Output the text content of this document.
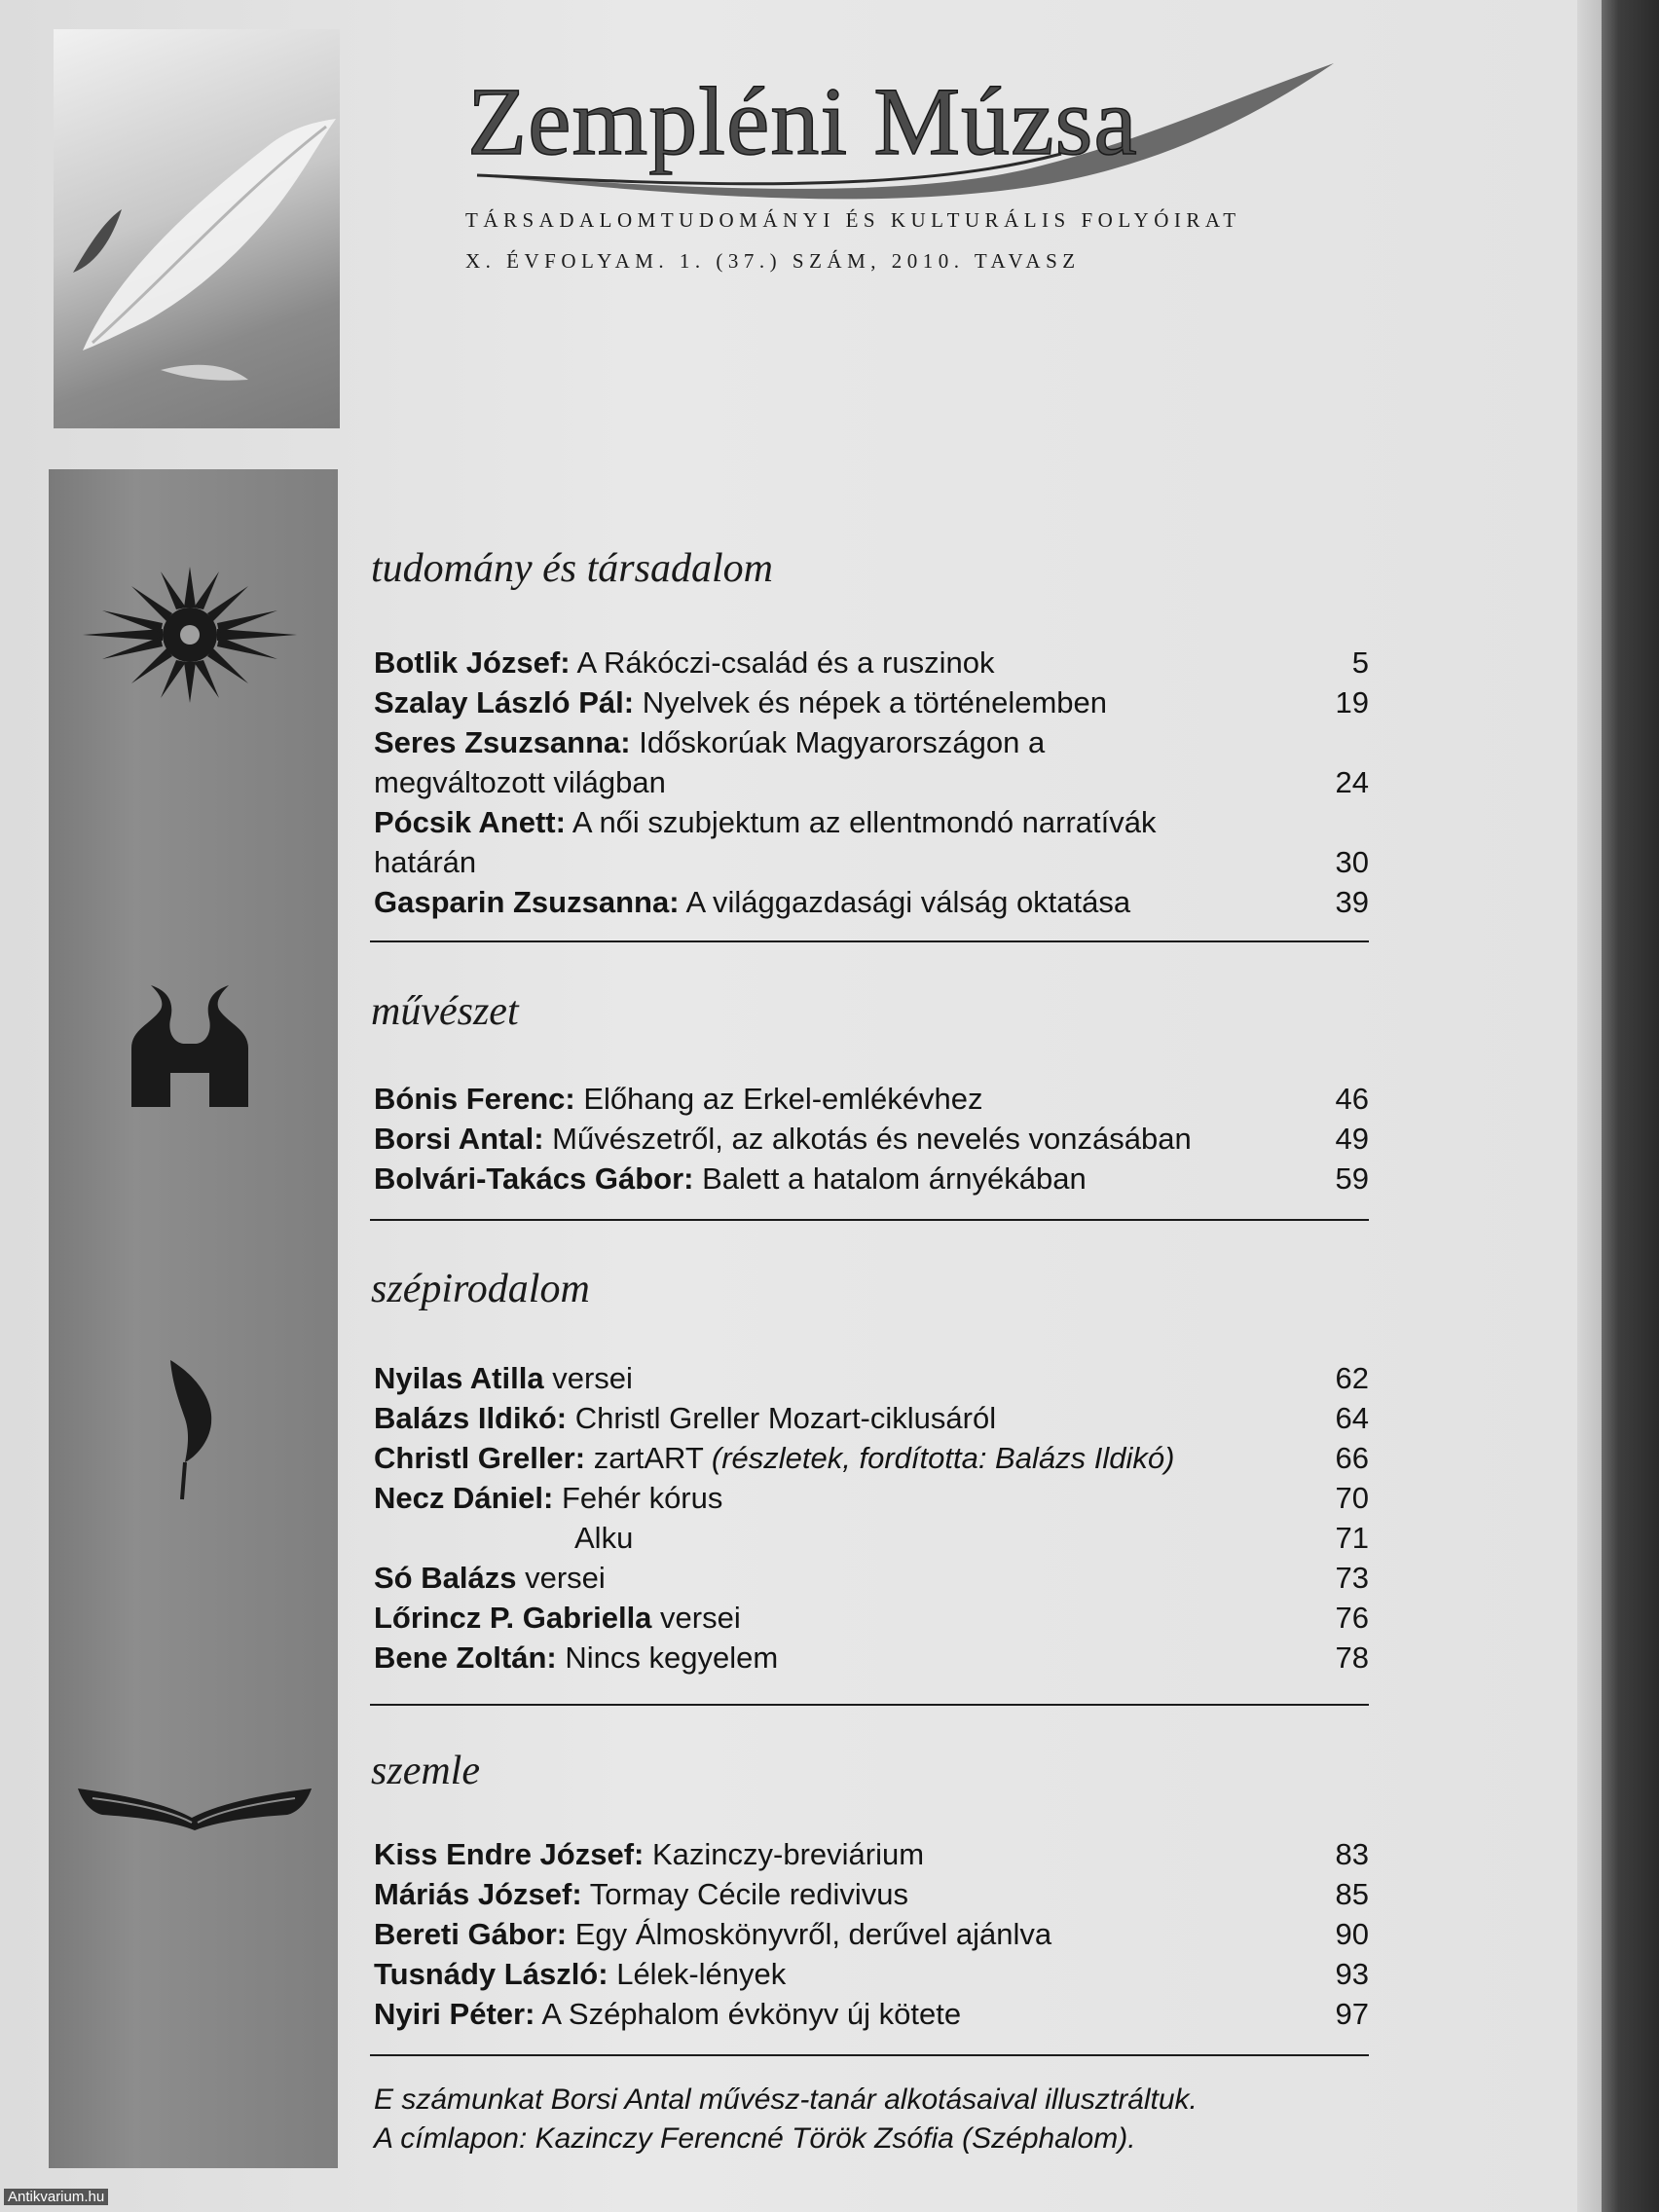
Zempléni Múzsa
TÁRSADALOMTUDOMÁNYI ÉS KULTURÁLIS FOLYÓIRAT
X. ÉVFOLYAM. 1. (37.) SZÁM, 2010. TAVASZ
tudomány és társadalom
Botlik József: A Rákóczi-család és a ruszinok	5
Szalay László Pál: Nyelvek és népek a történelemben	19
Seres Zsuzsanna: Időskorúak Magyarországon a
megváltozott világban	24
Pócsik Anett: A női szubjektum az ellentmondó narratívák
határán	30
Gasparin Zsuzsanna: A világgazdasági válság oktatása	39
művészet
Bónis Ferenc: Előhang az Erkel-emlékévhez	46
Borsi Antal: Művészetről, az alkotás és nevelés vonzásában	49
Bolvári-Takács Gábor: Balett a hatalom árnyékában	59
szépirodalom
Nyilas Atilla versei	62
Balázs Ildikó: Christl Greller Mozart-ciklusáról	64
Christl Greller: zartART (részletek, fordította: Balázs Ildikó)	66
Necz Dániel: Fehér kórus	70
Alku	71
Só Balázs versei	73
Lőrincz P. Gabriella versei	76
Bene Zoltán: Nincs kegyelem	78
szemle
Kiss Endre József: Kazinczy-breviárium	83
Máriás József: Tormay Cécile redivivus	85
Bereti Gábor: Egy Álmoskönyvről, derűvel ajánlva	90
Tusnády László: Lélek-lények	93
Nyiri Péter: A Széphalom évkönyv új kötete	97
E számunkat Borsi Antal művész-tanár alkotásaival illusztráltuk.
A címlapon: Kazinczy Ferencné Török Zsófia (Széphalom).
Antikvarium.hu
